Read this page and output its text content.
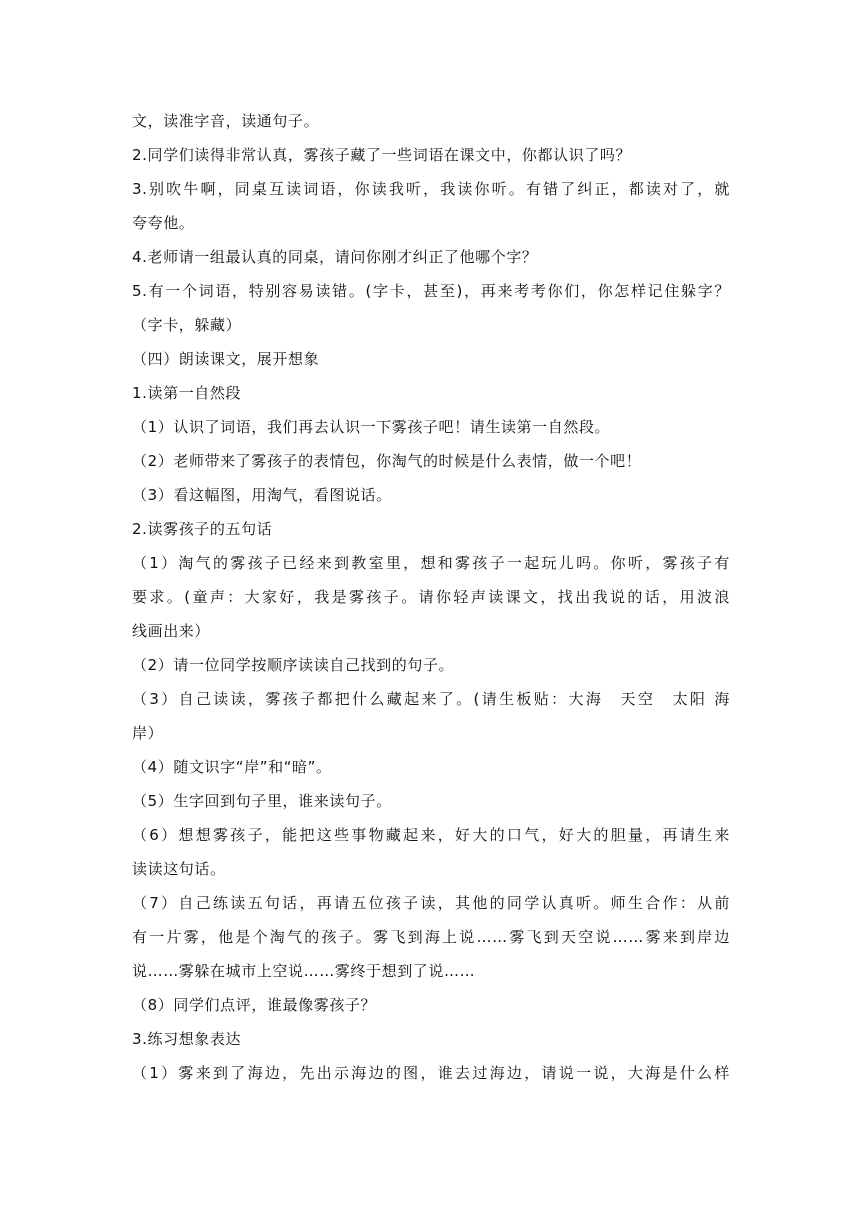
文，读准字音，读通句子。

2.同学们读得非常认真，雾孩子藏了一些词语在课文中，你都认识了吗？

3.别吹牛啊，同桌互读词语，你读我听，我读你听。有错了纠正，都读对了，就

夸夸他。

4.老师请一组最认真的同桌，请问你刚才纠正了他哪个字？

5.有一个词语，特别容易读错。(字卡，甚至)，再来考考你们，你怎样记住躲字？

（字卡，躲藏）

（四）朗读课文，展开想象

1.读第一自然段

（1）认识了词语，我们再去认识一下雾孩子吧！请生读第一自然段。

（2）老师带来了雾孩子的表情包，你淘气的时候是什么表情，做一个吧！

（3）看这幅图，用淘气，看图说话。

2.读雾孩子的五句话

（1）淘气的雾孩子已经来到教室里，想和雾孩子一起玩儿吗。你听，雾孩子有

要求。(童声：大家好，我是雾孩子。请你轻声读课文，找出我说的话，用波浪

线画出来）

（2）请一位同学按顺序读读自己找到的句子。

（3）自己读读，雾孩子都把什么藏起来了。(请生板贴：大海　天空　太阳 海

岸）

（4）随文识字“岸”和“暗”。

（5）生字回到句子里，谁来读句子。

（6）想想雾孩子，能把这些事物藏起来，好大的口气，好大的胆量，再请生来

读读这句话。

（7）自己练读五句话，再请五位孩子读，其他的同学认真听。师生合作：从前

有一片雾，他是个淘气的孩子。雾飞到海上说……雾飞到天空说……雾来到岸边

说……雾躲在城市上空说……雾终于想到了说……

（8）同学们点评，谁最像雾孩子？

3.练习想象表达

（1）雾来到了海边，先出示海边的图，谁去过海边，请说一说，大海是什么样
